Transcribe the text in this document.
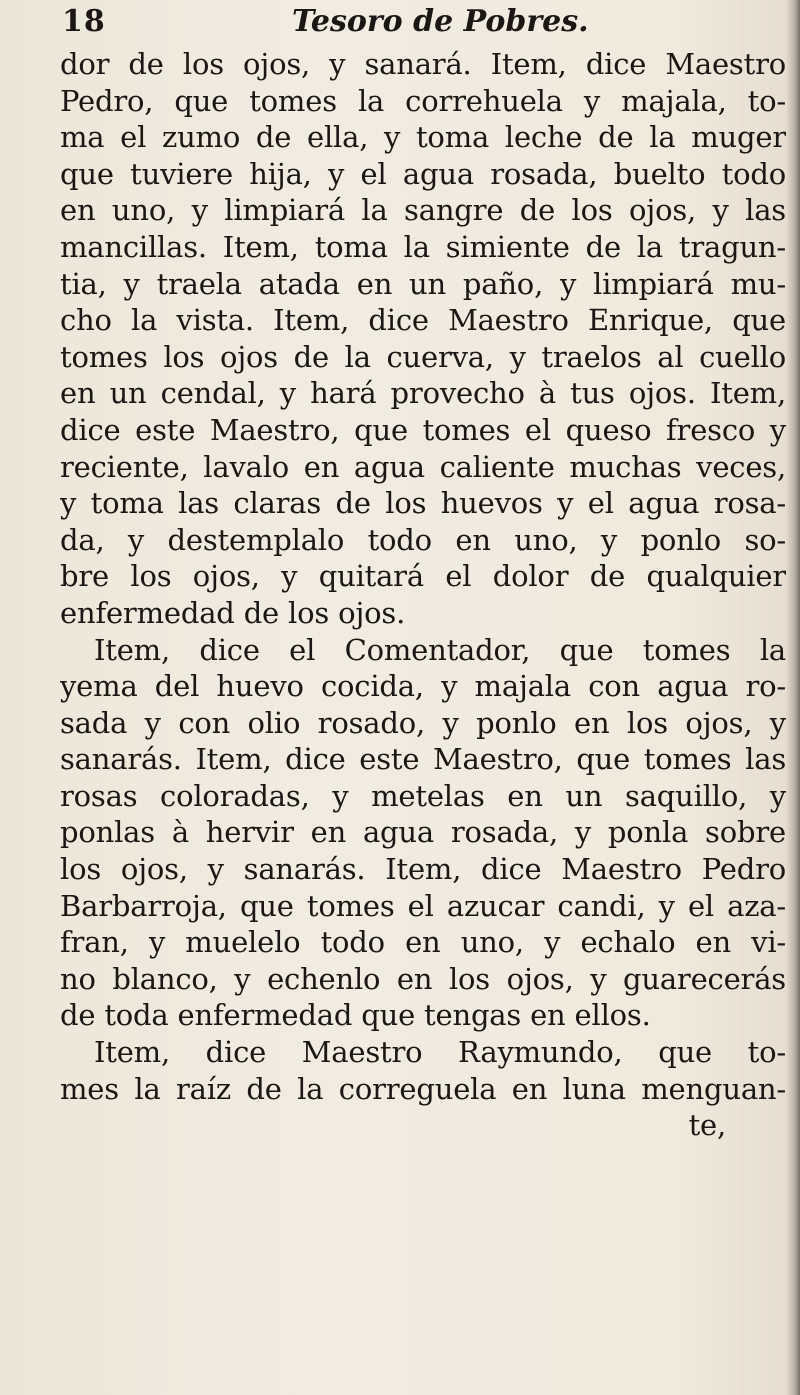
18	Tesoro de Pobres.
dor de los ojos, y sanará. Item, dice Maestro
Pedro, que tomes la correhuela y majala, to-
ma el zumo de ella, y toma leche de la muger
que tuviere hija, y el agua rosada, buelto todo
en uno, y limpiará la sangre de los ojos, y las
mancillas. Item, toma la simiente de la tragun-
tia, y traela atada en un paño, y limpiará mu-
cho la vista. Item, dice Maestro Enrique, que
tomes los ojos de la cuerva, y traelos al cuello
en un cendal, y hará provecho à tus ojos. Item,
dice este Maestro, que tomes el queso fresco y
reciente, lavalo en agua caliente muchas veces,
y toma las claras de los huevos y el agua rosa-
da, y destemplalo todo en uno, y ponlo so-
bre los ojos, y quitará el dolor de qualquier
enfermedad de los ojos.
Item, dice el Comentador, que tomes la
yema del huevo cocida, y majala con agua ro-
sada y con olio rosado, y ponlo en los ojos, y
sanarás. Item, dice este Maestro, que tomes las
rosas coloradas, y metelas en un saquillo, y
ponlas à hervir en agua rosada, y ponla sobre
los ojos, y sanarás. Item, dice Maestro Pedro
Barbarroja, que tomes el azucar candi, y el aza-
fran, y muelelo todo en uno, y echalo en vi-
no blanco, y echenlo en los ojos, y guarecerás
de toda enfermedad que tengas en ellos.
Item, dice Maestro Raymundo, que to-
mes la raíz de la correguela en luna menguan-
te,
